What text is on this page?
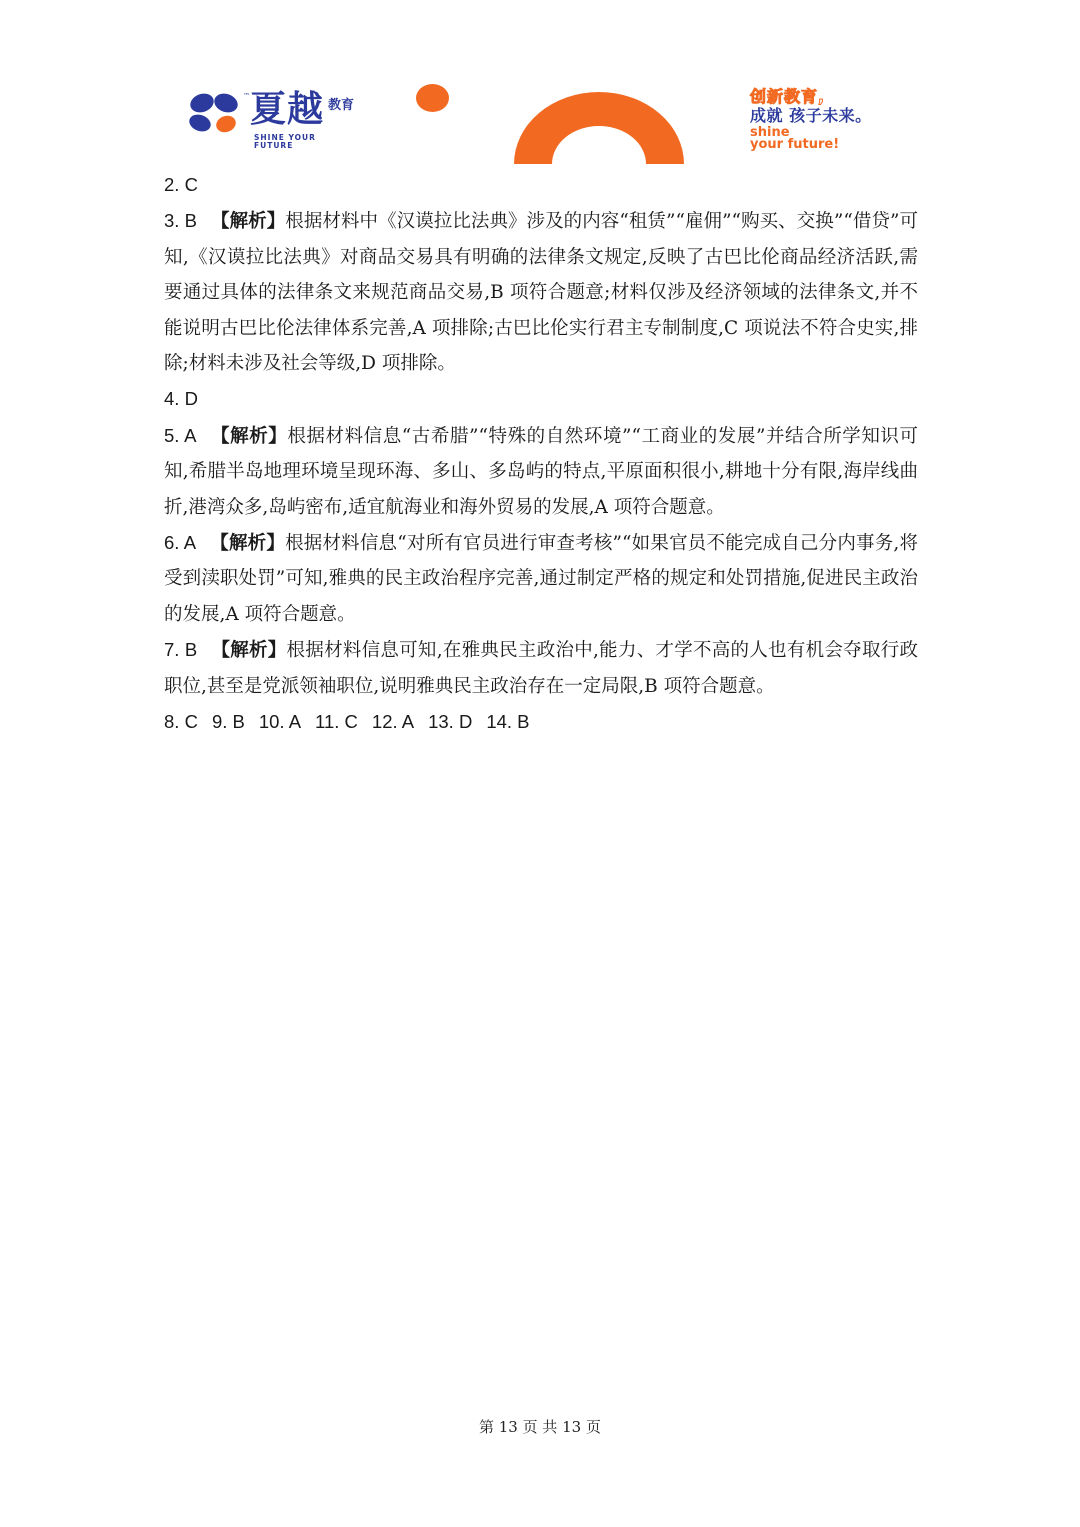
™ 夏越 教育
SHINE YOUR FUTURE
创新教育,
成就 孩子未来。
shine
your future!

2. C

3. B 【解析】根据材料中《汉谟拉比法典》涉及的内容“租赁”“雇佣”“购买、交换”“借贷”可知,《汉谟拉比法典》对商品交易具有明确的法律条文规定,反映了古巴比伦商品经济活跃,需要通过具体的法律条文来规范商品交易,B 项符合题意;材料仅涉及经济领域的法律条文,并不能说明古巴比伦法律体系完善,A 项排除;古巴比伦实行君主专制制度,C 项说法不符合史实,排除;材料未涉及社会等级,D 项排除。

4. D

5. A 【解析】根据材料信息“古希腊”“特殊的自然环境”“工商业的发展”并结合所学知识可知,希腊半岛地理环境呈现环海、多山、多岛屿的特点,平原面积很小,耕地十分有限,海岸线曲折,港湾众多,岛屿密布,适宜航海业和海外贸易的发展,A 项符合题意。

6. A 【解析】根据材料信息“对所有官员进行审查考核”“如果官员不能完成自己分内事务,将受到渎职处罚”可知,雅典的民主政治程序完善,通过制定严格的规定和处罚措施,促进民主政治的发展,A 项符合题意。

7. B 【解析】根据材料信息可知,在雅典民主政治中,能力、才学不高的人也有机会夺取行政职位,甚至是党派领袖职位,说明雅典民主政治存在一定局限,B 项符合题意。

8. C 9. B 10. A 11. C 12. A 13. D 14. B

第 13 页 共 13 页
